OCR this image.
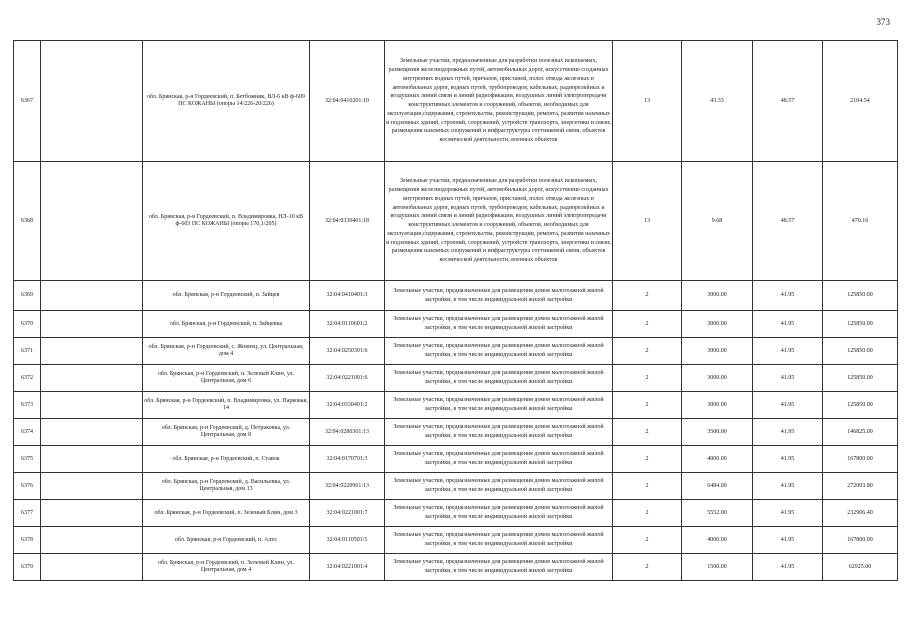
373
6367		обл. Брянская, р-н Гордеевский, п. Бетбожник, ВЛ-6 кВ ф-609 ПС КОЖАНЫ (опоры 14/226-20/226)	32:04:0410201:10	Земельные участки, предназначенные для разработки полезных ископаемых, размещения железнодорожных путей, автомобильных дорог, искусственно созданных внутренних водных путей, причалов, пристаней, полос отвода железных и автомобильных дорог, водных путей, трубопроводов, кабельных, радиорелейных и воздушных линий связи и линий радиофикации, воздушных линий электропередачи конструктивных элементов и сооружений, объектов, необходимых для эксплуатации,содержания, строительства, реконструкции, ремонта, развития наземных и подземных зданий, строений, сооружений, устройств транспорта, энергетики и связи; размещения наземных сооружений и инфраструктуры спутниковой связи, объектов космической деятельности, военных объектов	13	43.33	48.57	2104.54
6368		обл. Брянская, р-н Гордеевский, п. Владимировка, НЛ-10 кВ ф-603 ПС КОЖАНЫ (опоры 170,1/205)	32:04:0330401:18	Земельные участки, предназначенные для разработки полезных ископаемых, размещения железнодорожных путей, автомобильных дорог, искусственно созданных внутренних водных путей, причалов, пристаней, полос отвода железных и автомобильных дорог, водных путей, трубопроводов, кабельных, радиорелейных и воздушных линий связи и линий радиофикации, воздушных линий электропередачи конструктивных элементов и сооружений, объектов, необходимых для эксплуатации,содержания, строительства, реконструкции, ремонта, развития наземных и подземных зданий, строений, сооружений, устройств транспорта, энергетики и связи; размещения наземных сооружений и инфраструктуры спутниковой связи, объектов космической деятельности, военных объектов	13	9.68	48.57	470.16
6369		обл. Брянская, р-н Гордеевский, п. Зайцев	32:04:0410401:3	Земельные участки, предназначенные для размещения домов малоэтажной жилой застройки, в том числе индивидуальной жилой застройки	2	3000.00	41.95	125850.00
6370		обл. Брянская, р-н Гордеевский, п. Зайцевка	32:04:0110601:2	Земельные участки, предназначенные для размещения домов малоэтажной жилой застройки, в том числе индивидуальной жилой застройки	2	3000.00	41.95	125850.00
6371		обл. Брянская, р-н Гордеевский, с. Жовнец, ул. Центральная, дом 4	32:04:0250301:6	Земельные участки, предназначенные для размещения домов малоэтажной жилой застройки, в том числе индивидуальной жилой застройки	2	3000.00	41.95	125850.00
6372		обл. Брянская, р-н Гордеевский, п. Зеленый Клин, ул. Центральная, дом 6	32:04:0221001:6	Земельные участки, предназначенные для размещения домов малоэтажной жилой застройки, в том числе индивидуальной жилой застройки	2	3000.00	41.95	125850.00
6373		обл. Брянская, р-н Гордеевский, п. Владимировка, ул. Парковая, 14	32:04:0330401:2	Земельные участки, предназначенные для размещения домов малоэтажной жилой застройки, в том числе индивидуальной жилой застройки	2	3000.00	41.95	125850.00
6374		обл. Брянская, р-н Гордеевский, д. Петраковка, ул. Центральная, дом 8	32:04:0280301:13	Земельные участки, предназначенные для размещения домов малоэтажной жилой застройки, в том числе индивидуальной жилой застройки	2	3500.00	41.95	146825.00
6375		обл. Брянская, р-н Гордеевский, п. Ставок	32:04:0170701:3	Земельные участки, предназначенные для размещения домов малоэтажной жилой застройки, в том числе индивидуальной жилой застройки	2	4000.00	41.95	167800.00
6376		обл. Брянская, р-н Гордеевский, д. Васильевка, ул. Центральная, дом 13	32:04:0220901:13	Земельные участки, предназначенные для размещения домов малоэтажной жилой застройки, в том числе индивидуальной жилой застройки	2	6484.00	41.95	272003.80
6377		обл. Брянская, р-н Гордеевский, п. Зеленый Клин, дом 3	32:04:0221001:7	Земельные участки, предназначенные для размещения домов малоэтажной жилой застройки, в том числе индивидуальной жилой застройки	2	5552.00	41.95	232906.40
6378		обл. Брянская, р-н Гордеевский, п. Алес	32:04:0110501:5	Земельные участки, предназначенные для размещения домов малоэтажной жилой застройки, в том числе индивидуальной жилой застройки	2	4000.00	41.95	167800.00
6379		обл. Брянская, р-н Гордеевский, п. Зеленый Клин, ул. Центральная, дом 4	32:04:0221001:4	Земельные участки, предназначенные для размещения домов малоэтажной жилой застройки, в том числе индивидуальной жилой застройки	2	1500.00	41.95	62925.00
